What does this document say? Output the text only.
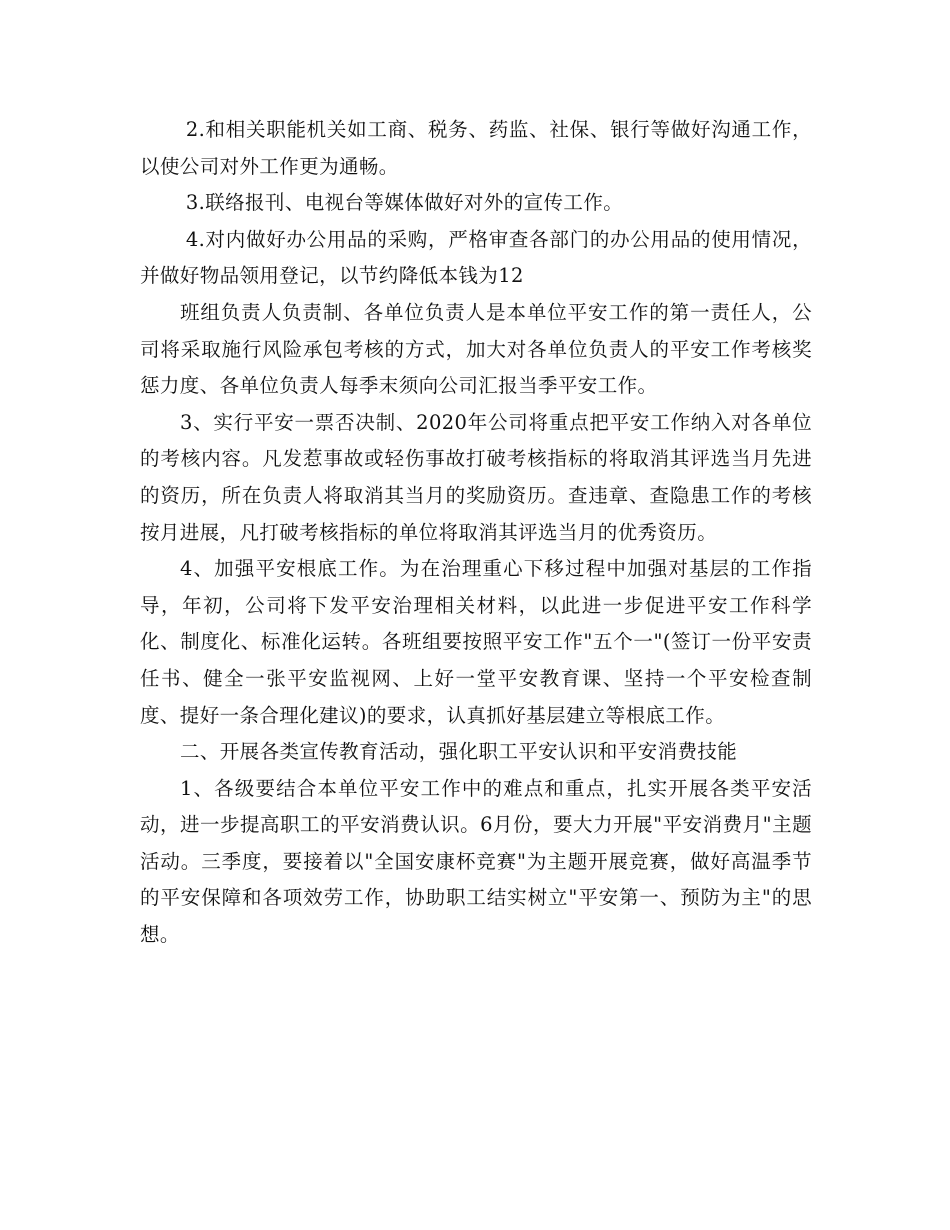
2.和相关职能机关如工商、税务、药监、社保、银行等做好沟通工作，以使公司对外工作更为通畅。

3.联络报刊、电视台等媒体做好对外的宣传工作。

4.对内做好办公用品的采购，严格审查各部门的办公用品的使用情况，并做好物品领用登记，以节约降低本钱为12

班组负责人负责制、各单位负责人是本单位平安工作的第一责任人，公司将采取施行风险承包考核的方式，加大对各单位负责人的平安工作考核奖惩力度、各单位负责人每季末须向公司汇报当季平安工作。

3、实行平安一票否决制、2020年公司将重点把平安工作纳入对各单位的考核内容。凡发惹事故或轻伤事故打破考核指标的将取消其评选当月先进的资历，所在负责人将取消其当月的奖励资历。查违章、查隐患工作的考核按月进展，凡打破考核指标的单位将取消其评选当月的优秀资历。

4、加强平安根底工作。为在治理重心下移过程中加强对基层的工作指导，年初，公司将下发平安治理相关材料，以此进一步促进平安工作科学化、制度化、标准化运转。各班组要按照平安工作"五个一"(签订一份平安责任书、健全一张平安监视网、上好一堂平安教育课、坚持一个平安检查制度、提好一条合理化建议)的要求，认真抓好基层建立等根底工作。

二、开展各类宣传教育活动，强化职工平安认识和平安消费技能

1、各级要结合本单位平安工作中的难点和重点，扎实开展各类平安活动，进一步提高职工的平安消费认识。6月份，要大力开展"平安消费月"主题活动。三季度，要接着以"全国安康杯竞赛"为主题开展竞赛，做好高温季节的平安保障和各项效劳工作，协助职工结实树立"平安第一、预防为主"的思想。
